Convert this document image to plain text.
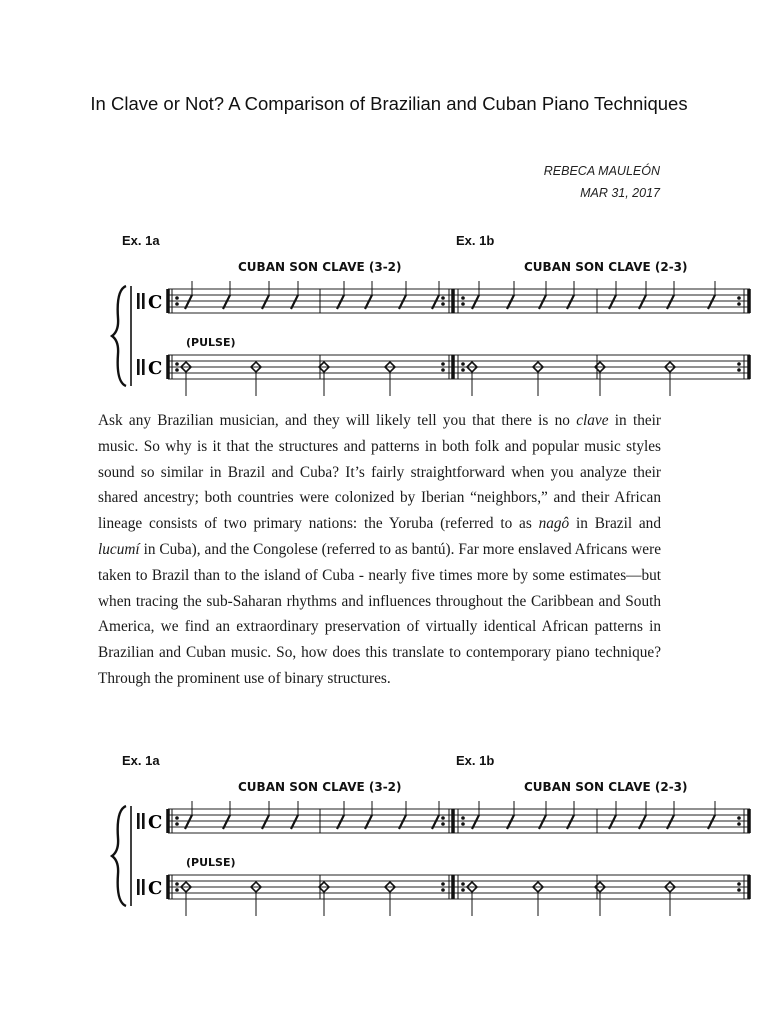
In Clave or Not? A Comparison of Brazilian and Cuban Piano Techniques
REBECA MAULEÓN
MAR 31, 2017
Ex. 1a
CUBAN SON CLAVE (3-2)
Ex. 1b
CUBAN SON CLAVE (2-3)
(PULSE)
C
C
Ask any Brazilian musician, and they will likely tell you that there is no clave in their music. So why is it that the structures and patterns in both folk and popular music styles sound so similar in Brazil and Cuba? It’s fairly straightforward when you analyze their shared ancestry; both countries were colonized by Iberian “neighbors,” and their African lineage consists of two primary nations: the Yoruba (referred to as nagô in Brazil and lucumí in Cuba), and the Congolese (referred to as bantú). Far more enslaved Africans were taken to Brazil than to the island of Cuba - nearly five times more by some estimates—but when tracing the sub-Saharan rhythms and influences throughout the Caribbean and South America, we find an extraordinary preservation of virtually identical African patterns in Brazilian and Cuban music. So, how does this translate to contemporary piano technique? Through the prominent use of binary structures.
Ex. 1a
CUBAN SON CLAVE (3-2)
Ex. 1b
CUBAN SON CLAVE (2-3)
(PULSE)
C
C
